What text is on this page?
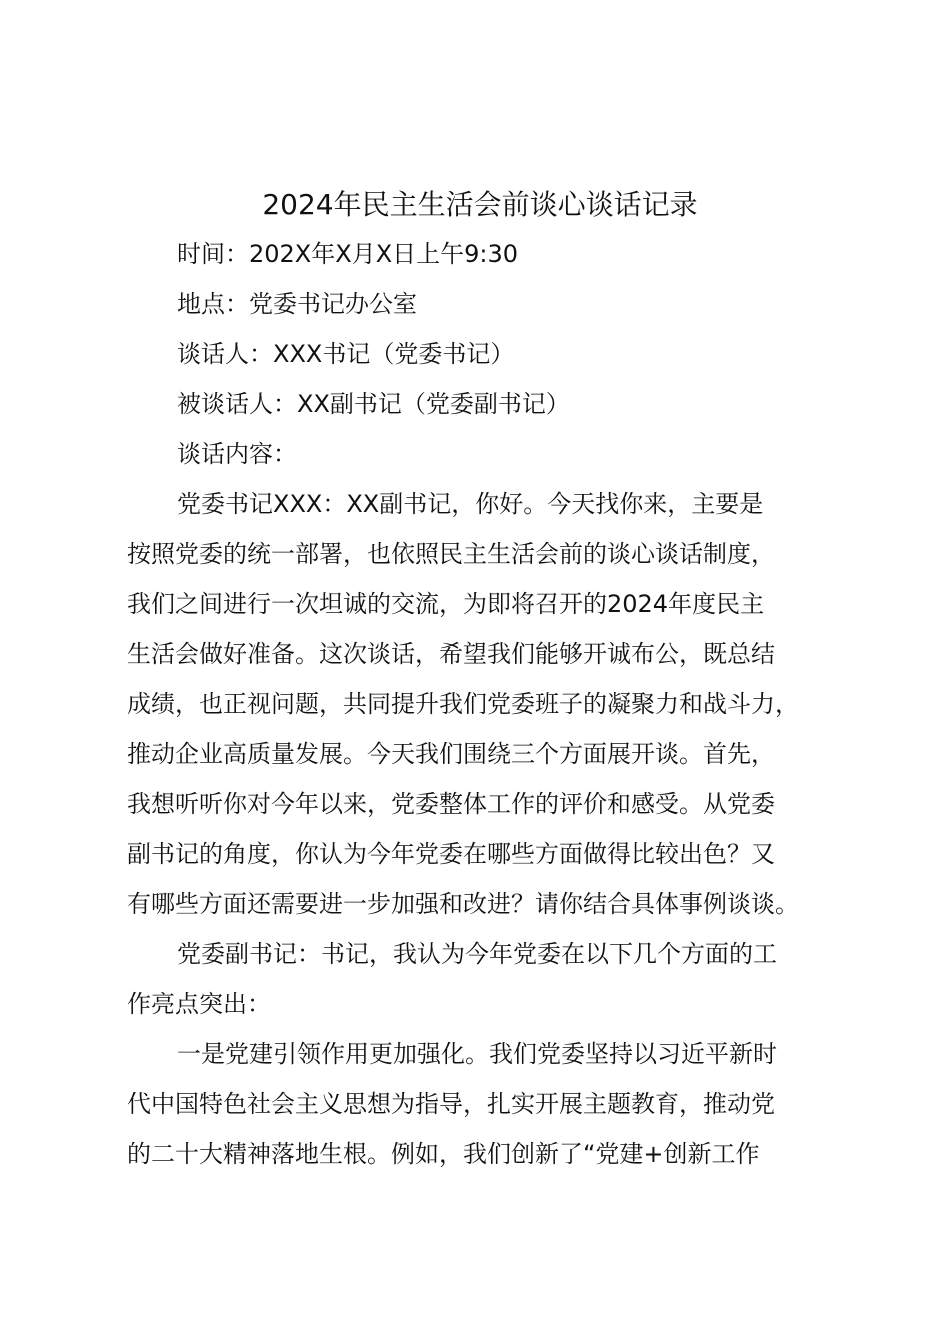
2024年民主生活会前谈心谈话记录

时间：202X年X月X日上午9:30

地点：党委书记办公室

谈话人：XXX书记（党委书记）

被谈话人：XX副书记（党委副书记）

谈话内容：

党委书记XXX：XX副书记，你好。今天找你来，主要是
按照党委的统一部署，也依照民主生活会前的谈心谈话制度，
我们之间进行一次坦诚的交流，为即将召开的2024年度民主
生活会做好准备。这次谈话，希望我们能够开诚布公，既总结
成绩，也正视问题，共同提升我们党委班子的凝聚力和战斗力，
推动企业高质量发展。今天我们围绕三个方面展开谈。首先，
我想听听你对今年以来，党委整体工作的评价和感受。从党委
副书记的角度，你认为今年党委在哪些方面做得比较出色？又
有哪些方面还需要进一步加强和改进？请你结合具体事例谈谈。
党委副书记：书记，我认为今年党委在以下几个方面的工
作亮点突出：
一是党建引领作用更加强化。我们党委坚持以习近平新时
代中国特色社会主义思想为指导，扎实开展主题教育，推动党
的二十大精神落地生根。例如，我们创新了“党建+创新工作
